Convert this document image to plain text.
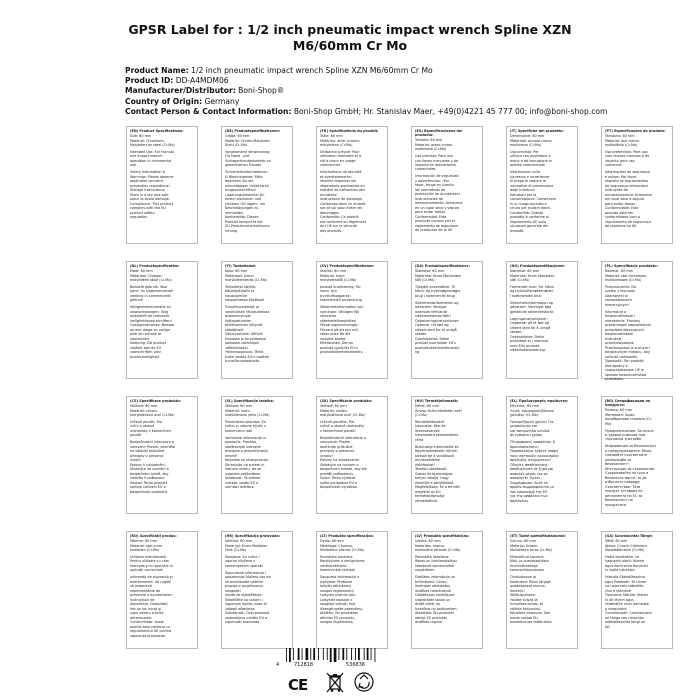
GPSR Label for : 1/2 inch pneumatic impact wrench Spline XZN
M6/60mm Cr Mo
Product Name: 1/2 inch pneumatic impact wrench Spline XZN M6/60mm Cr Mo
Product ID: DD-A4MDM06
Manufacturer/Distributor: Boni-Shop®
Country of Origin: Germany
Contact Person & Contact Information: Boni-Shop GmbH; Hr. Stanislav Maer, +49(0)4221 45 777 00; info@boni-shop.com
(EN) Product Specifications:
Size: 60 mm
Material: Chromium-
Molybdenum steel (Cr-Mo)
Intended Use: For manual
and impact wrench
operation in commercial
use.
Safety Information &
Warnings: Please observe
applicable accident
prevention regulations!
Storage Instructions:
Store in a dry and safe
place to avoid damage.
Compliance: This product
complies with the EU
product safety
regulation.
(DE) Produktspezifikationen:
Größe: 60 mm
Material: Chrom-Molybdän
Stahl (Cr-Mo)
Vorgesehene Verwendung:
Für Hand- und
Schlagschrauberbetrieb im
gewerblichen Einsatz
Sicherheitsinformationen
& Warnhinweise: Bitte
beachten Sie die
einschlägigen Unfallverhü
tungsvorschriften!
Lagerungshinweise: An
einem trockenen und
sicheren Ort lagern, um
Beschädigungen zu
vermeiden.
Konformität: Dieses
Produkt entspricht der
EU-Produktsicherheitsvero
rdnung
(FR) Spécifications du produit:
Taille: 60 mm
Matériau: acier chrome
molybdène (Cr-Mo)
Utilisation prévue: Pour
utilisation manuelle et à
clé à chocs en usage
commercial.
Informations de sécurité
et avertissements:
Veuillez respecter les
règlements applicables en
matière de prévention des
accidents!
Instructions de stockage:
Conservez dans un endroit
sec et sûr pour éviter les
dommages.
Conformité: Ce produit
est conforme au règlement
de l'UE sur la sécurité
des produits.
(ES) Especificaciones del producto:
Tamaño: 60 mm
Material: acero cromo
molibdeno (Cr-Mo)
Uso previsto: Para uso
con llaves manuales y de
impacto en aplicaciones
comerciales
Información de seguridad
y advertencias: ¡Por
favor, tenga en cuenta
las normativas de
prevención de accidentes!
Instrucciones de
almacenamiento: Almacene
en un lugar seco y seguro
para evitar daños.
Conformidad: Este
producto cumple con el
reglamento de seguridad
de productos de la UE.
(IT) Specifiche del prodotto:
Dimensione: 60 mm
Materiale: acciaio cromo
molibdeno (Cr-Mo)
Uso previsto: Per
utilizzo con avvitatore a
mano e ad impulsione in
ambito commerciale
Informazioni sulla
sicurezza e avvertenze:
Si prega di seguire le
normative di prevenzione
degli infortuni!
Istruzioni per la
conservazione: Conservare
in un luogo asciutto e
sicuro per evitare danni.
Conformità: Questo
prodotto è conforme al
regolamento UE sulla
sicurezza generale dei
prodotti.
(PT) Especificações do produto:
Tamanho: 60 mm
Material: aço cromo
molibdênio (Cr-Mo)
Uso pretendido: Para uso
com chaves manuais e de
impacto para uso
comercial.
Informações de segurança
e avisos: Por favor,
respeite os regulamentos
de segurança relevantes!
Instruções de
armazenamento: Armazene
em local seco e seguro
para evitar danos.
Conformidade: Este
produto está em
conformidade com o
regulamento de segurança
de produtos da UE.
(NL) Productspecificaties:
Maat: 60 mm
Materiaal: Chroom-
molybdeen staal (Cr-Mo)
Bedoeld gebruik: Voor
hand- en slagmoersleutel
werking in commercieel
gebruik
Veiligheidsinformatie en
waarschuwingen: Volg
alstublieft de relevante
veiligheidsvoorschriften!
Opslaginstructies: Bewaar
op een droge en veilige
plek om schade te
voorkomen.
Naleving: Dit product
voldoet aan de EU
voorschriften voor
productveiligheid
(FI) Tuotetiedot:
Koko: 60 mm
Materiaali: kromi
molybdeeniteräs (Cr-Mo)
Tarkoitettu käyttö:
Käsikäyttöisille ja
iskuavaimille
kaupallisessa käytössä
Turvallisuustiedot ja
varoitukset: Muistuttelkaa
asiaankuuluvat
työtapaturmien
ehkäisemisen liittyvät
säädökset!
Säilytysohjeet: Säilytä
kuivassa ja turvallisessa
paikassa vahinkojen
välttämiseksi.
Yhteensopivuus: Tämä
tuote vastaa EU:n tuottee
turvallisuusasetusta.
(SV) Produktspecifikationer:
Storlek: 60 mm
Material: krom
molybdenstål (Cr-Mo)
Avsedd användning: För
hand- och
tryckluftsapparat i
kommersiell användning
Säkerhetsinformation och
varningar: Vänligen följ
relevanta
säkerhetsföreskrifter!
Förvaringsanvisningar:
Förvara på ett torr och
säker plats för att
undvika skador.
Efterlevnad: Denna
produkt uppfyller EU:s
produktsäkerhetsdirektiv.
(DA) Produktspecifikationer:
Størrelse: 60 mm
Materiale: Krom-Molybdæn
stål (Cr-Mo)
Tilsigtet anvendelse: Til
hånd- og trykknøglesnøgle
brug i kommerciel brug
Sikkerhedsinformation og
advarsler: Venligst
overhold relevante
sikkerhedsforskrifter!
Opbevaringsinstruktioner:
Opbevar i et tørt og
sikkert sted for at undgå
skader.
Overholdelse: Dette
produkt overholder EU's
produktsikkerhedsforordni
ng
(NO) Produktspesifikasjoner:
Størrelse: 60 mm
Materiale: Krom Molybden
stål (Cr-Mo)
Formentet bruk: For hånd-
og trykkluftsmøkkenøkler
i kommersiell bruk
Sikkerhetsinformasjon og
advarsler: Vennligst følg
gjeldende sikkerhetsforsk
Lagringsinstruksjoner:
Oppbevar på et tørt og
sikkert sted for å unngå
skader.
Overholdelse: Dette
produktet er i samsvar
med EUs produkt-
sikkerhetsforordning.
(PL) Specyfikacje produktu:
Rozmiar: 60 mm
Materiał: stal chromowo-
molibdenowa (Cr-Mo)
Przeznaczenie: Do
użytku z kluczami
udarowymi w
zastosowaniach
komercyjnych
Informacje o
bezpieczeństwie i
ostrzeżenia: Prosimy
przestrzegać odpowiednich
przepisów dotyczących
bezpieczeństwa!
Instrukcje
przechowywania:
Przechowywać w suchym i
bezpiecznym miejscu, aby
uniknąć uszkodzeń.
Zgodność: Ten produkt
jest zgodny z
rozporządzeniem UE w
sprawie bezpieczeństwa
produktów.
(CS) Specifikace produktu:
Velikost: 60 mm
Materiál: chrom-
molybdenová ocel (Cr-Mo)
Určené použití: Pro
ruční a rázové
utahováky v komerčním
použití
Bezpečnostní informace a
varování: Prosím, vezměte
na vědomí příslušné
předpisy o prevenci
úrazů!
Pokyny k uskladnění:
Skladujte na suchém a
bezpečném místě, aby
nedošlo k poškození.
Soulad: Tento produkt
splňuje nařízení EU o
bezpečnosti produktů.
(SL) Specifikacije izdelka:
Velikost: 60 mm
Material: krom-
molibdenovo jeklo (Cr-Mo)
Predvidena uporaba: Za
ročne in udarne ključe v
komercialni rabi
Varnostne informacije in
opozorila: Prosimo,
upoštevajte ustrezne
predpise o preprečevanju
nesreč!
Navodila za shranjevanje:
Shranjujte na suhem in
varnem mestu, da se
izognete poškodbam.
Skladnost: Ta izdelek
ustreza uredbi EU o
varnosti izdelkov.
(SK) Špecifikácie produktu:
Veľkosť: 60 mm
Materiál: chróm-
molybdénová oceľ (Cr-Mo)
Určené použitie: Pre
ručné a rázové utahováky
v komerčnom použití
Bezpečnostné informácie a
varovania: Prosím,
dodržujte príslušné
predpisy o prevencii
úrazov!
Pokyny na skladovanie:
Skladujte na suchom a
bezpečnom mieste, aby ste
predišli poškodeniu.
Súlad: Tento výrobok
spĺňa nariadenie EÚ o
bezpečnosti výrobkov.
(HU) Termékjellemzők:
Méret: 60 mm
Anyag: Króm-Molibdén acél
(Cr-Mo)
Rendeltetésszerű
használat: Kézi és
ütvecsavarozó
használatra kereskedelmi
célra
Biztonsági információk és
figyelmeztetések: Kérjük,
tartsák be a vonatkozó
munkavédelmi
előírásokat!
Tárolási utasítások:
Száraz és biztonságos
helyen tárolja, hogy
elkerülje a sérüléseket.
Megfelelőség: Ez a termék
megfelel az EU
termékbiztonsági
rendeletének.
(EL) Προδιαγραφές προϊόντος:
Μέγεθος: 60 mm
Υλικό: Χρωμομολυβδαινιο
χάλυβας (Cr-Mo)
Προοριζόμενη χρήση: Για
χειροκίνητα και
και πνευματικά κλειδιά
σε εμπορική χρήση
Πληροφορίες ασφαλείας &
προειδοποιήσεις:
Παρακαλούμε λάβετε υπόψη
τους σχετικούς κανονισμούς
πρόληψης ατυχημάτων!
Οδηγίες αποθήκευσης:
Αποθηκεύστε σε ξηρό και
ασφαλές μέρος για να
αποφύγετε ζημιές.
Συμμόρφωση: Αυτό το
προϊόν συμμορφώνεται με
τον κανονισμό της ΕΕ
για την ασφάλεια των
προϊόντων.
(BG) Спецификации на продукта:
Размер: 60 mm
Материал: Хром-
молибденова стомана (Cr-
Mo)
Предназначение: За ръчни
и ударни ключове при
търговска употреба
Информация за безопасност
и предупреждения: Моля,
спазвайте съответните
разпоредби за
безопасност!
Инструкции за съхранение:
Съхранявайте на сухо и
безопасно място, за да
избегнете повреди.
Съответствие: Този
продукт отговаря на
регламента на ЕС за
безопасност на
продуктите.
(RO) Specificații produs:
Mărime: 60 mm
Material: oțel crom-
molibden (Cr-Mo)
Utilizare intenționată:
Pentru utilizare cu chei
manuale și cu percuție în
aplicații comerciale
Informații de siguranță și
avertismente: Vă rugăm
să respectați
reglementările de
prevenire a accidentelor!
Instrucțiuni de
depozitare: Depozitați
într-un loc uscat și
sigur pentru a evita
deteriorarea.
Conformitate: Acest
produs este conform cu
regulamentul UE privind
siguranța produselor.
(HR) Specifikacija proizvoda:
Veličina: 60 mm
Materijal: Krom-Molibden
čelik (Cr-Mo)
Namjena: Za ručne i
udarne ključeve u
komercijalnim uporabi
Sigurnosne informacije i
upozorenja: Molimo vas da
se pridržavate važećih
propisa o sprječavanju
nezgoda!
Upute za skladištenje:
Skladištite na suhom i
sigurnom mjestu kako bi
izbjegli oštećenja.
Sukladnost: Ovaj proizvod
zadovoljava uredbu EU o
sigurnosti proizvoda.
(LT) Produkto specifikacijos:
Dydis: 60 mm
Medžiaga: Chromo-
Molibdeno plienas (Cr-Mo)
Numatyta paskirtis:
Rankiniams ir smūginiams
veržliarakčiams
komercinėje veikloje
Saugumo informacija ir
įspėjimai: Prašome
laikytis atitinkamų
saugos reglamentų!
Laikymo instrukcijos:
Laikykite sausoje ir
saugioje vietoje, kad
išvengtumėte pažeidimų.
Atitiktis: Šis produktas
atitinka ES produktų
saugos reglamentą.
(LV) Produkta specifikācijas:
Izmērs: 60 mm
Materiāls: hroma-
molibdēna tērauds (Cr-Mo)
Paredzētā lietošana:
Rokas un triecienatslēgu
lietošanai komercialām
vajadzībām
Drošības informācija un
brīdinājumi: Lūdzu,
ievērojiet atbilstošos
drošības noteikumus!
Glabāšanas norādījumi:
Uzglabājiet sausā un
drošā vietā, lai
izvairītos no bojājumiem.
Atbilstība: Šis produkts
atbilst ES produktu
drošības regulai.
(ET) Toote spetsifikatsioonid:
Suurus: 60 mm
Materjal: Kroom-
Molübdeen teras (Cr-Mo)
Ettenähtud kasutus:
Käsi- ja pneumaatiliste
mutrivõtmetega
kommertskasutuses
Ohutusteave ja
hoiatused: Palun järgige
asjakohaseid ohutus-
eeskirju!
Säilitusjuhised:
Hoidke kuivas ja
turvalises kohas, et
vältida kahjustusi.
Nõuetele vastavus: See
toode vastab ELi
tooteohutuse määrusele.
(GA) Sonraíochtaí Táirge:
Méid: 60 mm
Ábhar: Cruach Cróimiam-
Molaibdéineam (Cr-Mo)
Úsáid beartaithe: Le
haghaidh oibriú láimhe
agus eochracha tionchair
in úsáid tráchtála
Faisnéis Sábháilteachta
agus Rabhadh: Bí cinnte
na rialacháin sábháilte
chuí a leanúint!
Treoracha Stórála: Stóráil
in áit thirim agus
shábháilte chun damáiste
a sheachaint.
Comhlíonadh: Comhlíonann
an táirge seo rialachán
sábháilteachta táirgí an
AE.
4	712818	536836
CE
